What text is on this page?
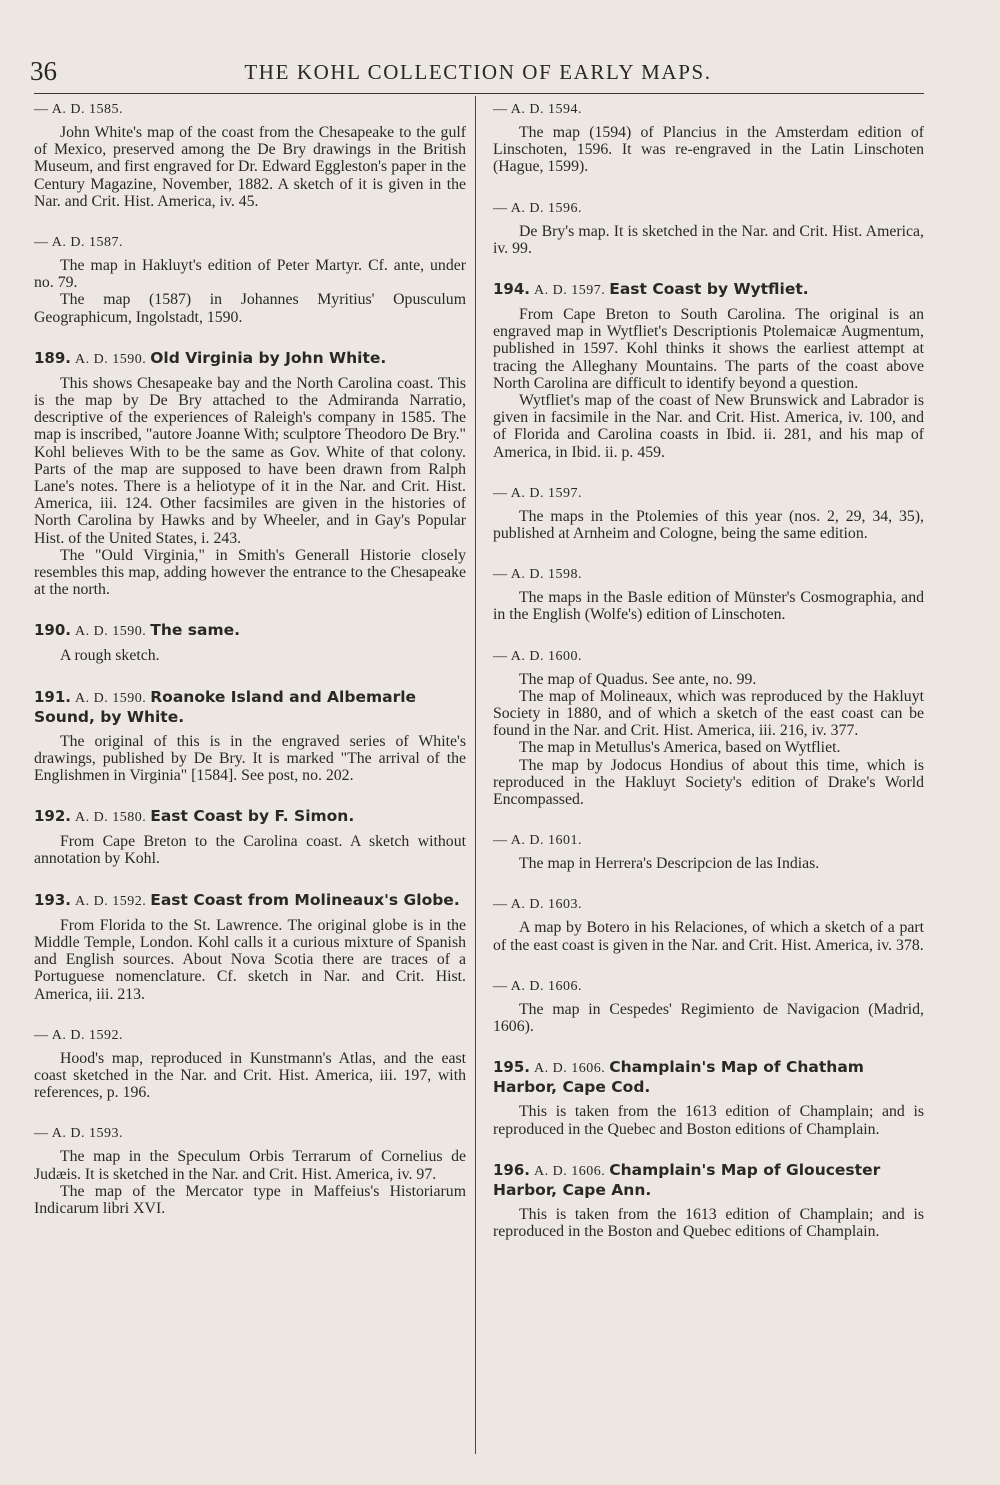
36	THE KOHL COLLECTION OF EARLY MAPS.
— A. D. 1585.

John White's map of the coast from the Chesapeake to the gulf of Mexico, preserved among the De Bry drawings in the British Museum, and first engraved for Dr. Edward Eggleston's paper in the Century Magazine, November, 1882. A sketch of it is given in the Nar. and Crit. Hist. America, iv. 45.

— A. D. 1587.

The map in Hakluyt's edition of Peter Martyr. Cf. ante, under no. 79.

The map (1587) in Johannes Myritius' Opusculum Geographicum, Ingolstadt, 1590.

189. A. D. 1590. Old Virginia by John White.

This shows Chesapeake bay and the North Carolina coast. This is the map by De Bry attached to the Admiranda Narratio, descriptive of the experiences of Raleigh's company in 1585. The map is inscribed, "autore Joanne With; sculptore Theodoro De Bry." Kohl believes With to be the same as Gov. White of that colony. Parts of the map are supposed to have been drawn from Ralph Lane's notes. There is a heliotype of it in the Nar. and Crit. Hist. America, iii. 124. Other facsimiles are given in the histories of North Carolina by Hawks and by Wheeler, and in Gay's Popular Hist. of the United States, i. 243.

The "Ould Virginia," in Smith's Generall Historie closely resembles this map, adding however the entrance to the Chesapeake at the north.

190. A. D. 1590. The same.

A rough sketch.

191. A. D. 1590. Roanoke Island and Albemarle Sound, by White.

The original of this is in the engraved series of White's drawings, published by De Bry. It is marked "The arrival of the Englishmen in Virginia" [1584]. See post, no. 202.

192. A. D. 1580. East Coast by F. Simon.

From Cape Breton to the Carolina coast. A sketch without annotation by Kohl.

193. A. D. 1592. East Coast from Molineaux's Globe.

From Florida to the St. Lawrence. The original globe is in the Middle Temple, London. Kohl calls it a curious mixture of Spanish and English sources. About Nova Scotia there are traces of a Portuguese nomenclature. Cf. sketch in Nar. and Crit. Hist. America, iii. 213.

— A. D. 1592.

Hood's map, reproduced in Kunstmann's Atlas, and the east coast sketched in the Nar. and Crit. Hist. America, iii. 197, with references, p. 196.

— A. D. 1593.

The map in the Speculum Orbis Terrarum of Cornelius de Judæis. It is sketched in the Nar. and Crit. Hist. America, iv. 97.

The map of the Mercator type in Maffeius's Historiarum Indicarum libri XVI.

— A. D. 1594.

The map (1594) of Plancius in the Amsterdam edition of Linschoten, 1596. It was re-engraved in the Latin Linschoten (Hague, 1599).

— A. D. 1596.

De Bry's map. It is sketched in the Nar. and Crit. Hist. America, iv. 99.

194. A. D. 1597. East Coast by Wytfliet.

From Cape Breton to South Carolina. The original is an engraved map in Wytfliet's Descriptionis Ptolemaicæ Augmentum, published in 1597. Kohl thinks it shows the earliest attempt at tracing the Alleghany Mountains. The parts of the coast above North Carolina are difficult to identify beyond a question.

Wytfliet's map of the coast of New Brunswick and Labrador is given in facsimile in the Nar. and Crit. Hist. America, iv. 100, and of Florida and Carolina coasts in Ibid. ii. 281, and his map of America, in Ibid. ii. p. 459.

— A. D. 1597.

The maps in the Ptolemies of this year (nos. 2, 29, 34, 35), published at Arnheim and Cologne, being the same edition.

— A. D. 1598.

The maps in the Basle edition of Münster's Cosmographia, and in the English (Wolfe's) edition of Linschoten.

— A. D. 1600.

The map of Quadus. See ante, no. 99.

The map of Molineaux, which was reproduced by the Hakluyt Society in 1880, and of which a sketch of the east coast can be found in the Nar. and Crit. Hist. America, iii. 216, iv. 377.

The map in Metullus's America, based on Wytfliet.

The map by Jodocus Hondius of about this time, which is reproduced in the Hakluyt Society's edition of Drake's World Encompassed.

— A. D. 1601.

The map in Herrera's Descripcion de las Indias.

— A. D. 1603.

A map by Botero in his Relaciones, of which a sketch of a part of the east coast is given in the Nar. and Crit. Hist. America, iv. 378.

— A. D. 1606.

The map in Cespedes' Regimiento de Navigacion (Madrid, 1606).

195. A. D. 1606. Champlain's Map of Chatham Harbor, Cape Cod.

This is taken from the 1613 edition of Champlain; and is reproduced in the Quebec and Boston editions of Champlain.

196. A. D. 1606. Champlain's Map of Gloucester Harbor, Cape Ann.

This is taken from the 1613 edition of Champlain; and is reproduced in the Boston and Quebec editions of Champlain.
